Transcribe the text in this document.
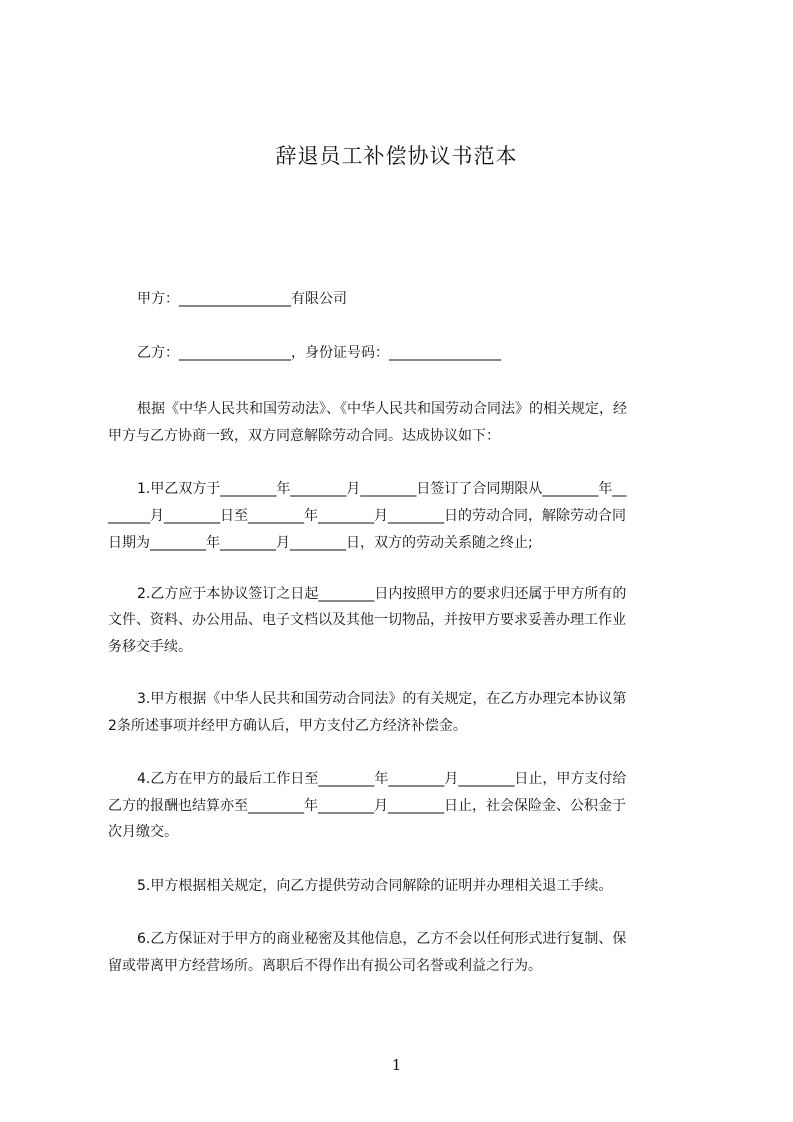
辞退员工补偿协议书范本
甲方：________________有限公司
乙方：________________，身份证号码：________________
根据《中华人民共和国劳动法》、《中华人民共和国劳动合同法》的相关规定，经
甲方与乙方协商一致，双方同意解除劳动合同。达成协议如下：
1.甲乙双方于________年________月________日签订了合同期限从________年__
______月________日至________年________月________日的劳动合同，解除劳动合同
日期为________年________月________日，双方的劳动关系随之终止;
2.乙方应于本协议签订之日起________日内按照甲方的要求归还属于甲方所有的
文件、资料、办公用品、电子文档以及其他一切物品，并按甲方要求妥善办理工作业
务移交手续。
3.甲方根据《中华人民共和国劳动合同法》的有关规定，在乙方办理完本协议第
2条所述事项并经甲方确认后，甲方支付乙方经济补偿金。
4.乙方在甲方的最后工作日至________年________月________日止，甲方支付给
乙方的报酬也结算亦至________年________月________日止，社会保险金、公积金于
次月缴交。
5.甲方根据相关规定，向乙方提供劳动合同解除的证明并办理相关退工手续。
6.乙方保证对于甲方的商业秘密及其他信息，乙方不会以任何形式进行复制、保
留或带离甲方经营场所。离职后不得作出有损公司名誉或利益之行为。
1
